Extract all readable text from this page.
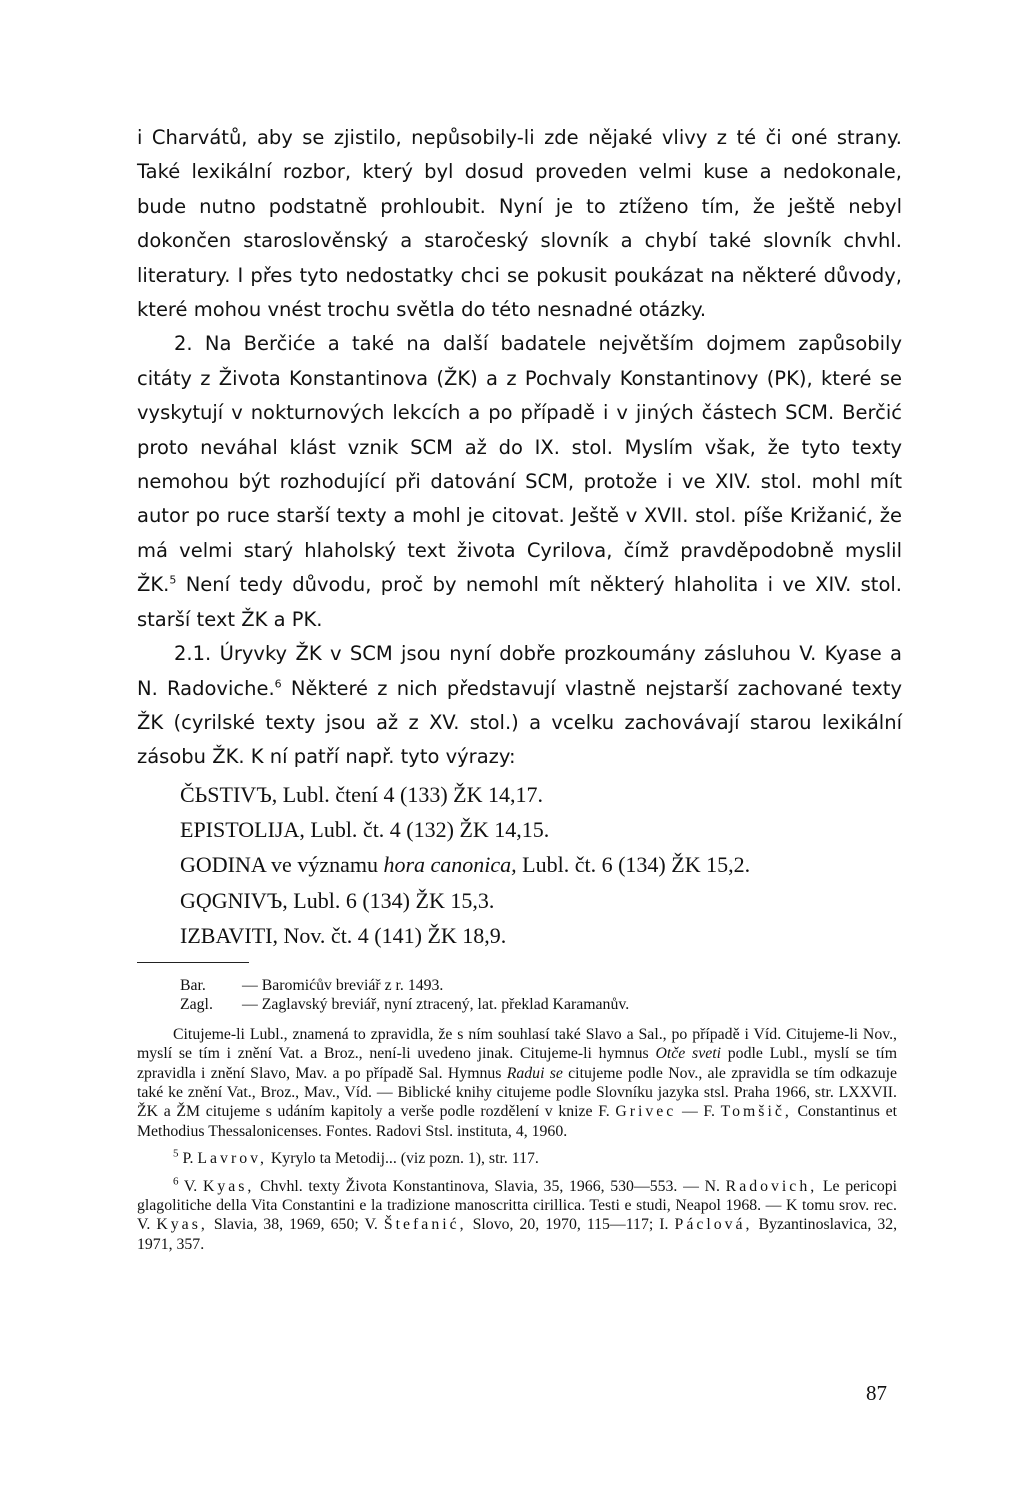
i Charvátů, aby se zjistilo, nepůsobily-li zde nějaké vlivy z té či oné strany. Také lexikální rozbor, který byl dosud proveden velmi kuse a nedokonale, bude nutno podstatně prohloubit. Nyní je to ztíženo tím, že ještě nebyl dokončen staroslověnský a staročeský slovník a chybí také slovník chvhl. literatury. I přes tyto nedostatky chci se pokusit poukázat na některé důvody, které mohou vnést trochu světla do této nesnadné otázky.

2. Na Berčiće a také na další badatele největším dojmem zapůsobily citáty z Života Konstantinova (ŽK) a z Pochvaly Konstantinovy (PK), které se vyskytují v nokturnových lekcích a po případě i v jiných částech SCM. Berčić proto neváhal klást vznik SCM až do IX. stol. Myslím však, že tyto texty nemohou být rozhodující při datování SCM, protože i ve XIV. stol. mohl mít autor po ruce starší texty a mohl je citovat. Ještě v XVII. stol. píše Križanić, že má velmi starý hlaholský text života Cyrilova, čímž pravděpodobně myslil ŽK.$^5$ Není tedy důvodu, proč by nemohl mít některý hlaholita i ve XIV. stol. starší text ŽK a PK.

2.1. Úryvky ŽK v SCM jsou nyní dobře prozkoumány zásluhou V. Kyase a N. Radoviche.$^6$ Některé z nich představují vlastně nejstarší zachované texty ŽK (cyrilské texty jsou až z XV. stol.) a vcelku zachovávají starou lexikální zásobu ŽK. K ní patří např. tyto výrazy:

ČЬSTIVЪ, Lubl. čtení 4 (133) ŽK 14,17.
EPISTOLIJA, Lubl. čt. 4 (132) ŽK 14,15.
GODINA ve významu hora canonica, Lubl. čt. 6 (134) ŽK 15,2.
GǪGNIVЪ, Lubl. 6 (134) ŽK 15,3.
IZBAVITI, Nov. čt. 4 (141) ŽK 18,9.
Bar.	— Baromićův breviář z r. 1493.
Zagl.	— Zaglavský breviář, nyní ztracený, lat. překlad Karamanův.

Citujeme-li Lubl., znamená to zpravidla, že s ním souhlasí také Slavo a Sal., po případě i Víd. Citujeme-li Nov., myslí se tím i znění Vat. a Broz., není-li uvedeno jinak. Citujeme-li hymnus Otče sveti podle Lubl., myslí se tím zpravidla i znění Slavo, Mav. a po případě Sal. Hymnus Radui se citujeme podle Nov., ale zpravidla se tím odkazuje také ke znění Vat., Broz., Mav., Víd. — Biblické knihy citujeme podle Slovníku jazyka stsl. Praha 1966, str. LXXVII. ŽK a ŽM citujeme s udáním kapitoly a verše podle rozdělení v knize F. Grivec — F. Tomšič, Constantinus et Methodius Thessalonicenses. Fontes. Radovi Stsl. instituta, 4, 1960.

$^5$ P. Lavrov, Kyrylo ta Metodij... (viz pozn. 1), str. 117.

$^6$ V. Kyas, Chvhl. texty Života Konstantinova, Slavia, 35, 1966, 530—553. — N. Radovich, Le pericopi glagolitiche della Vita Constantini e la tradizione manoscritta cirillica. Testi e studi, Neapol 1968. — K tomu srov. rec. V. Kyas, Slavia, 38, 1969, 650; V. Štefanić, Slovo, 20, 1970, 115—117; I. Páclová, Byzantinoslavica, 32, 1971, 357.

87
